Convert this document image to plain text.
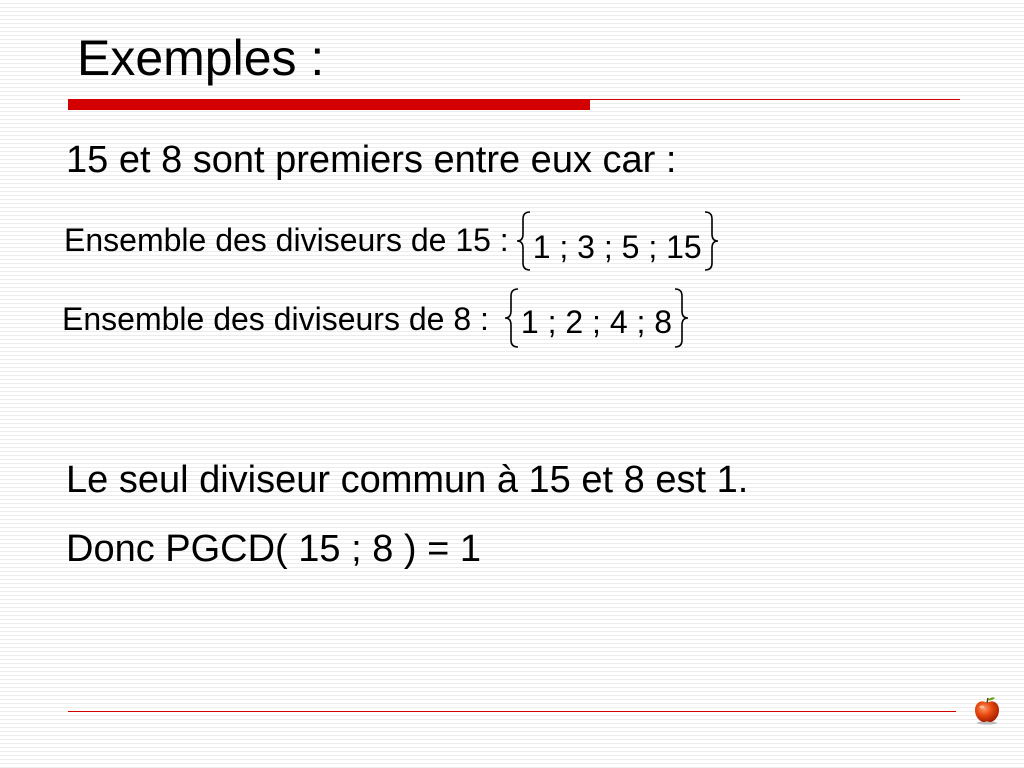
Exemples :
15 et 8 sont premiers entre eux car :
Ensemble des diviseurs de 15 : 1 ; 3 ; 5 ; 15
Ensemble des diviseurs de 8 : 1 ; 2 ; 4 ; 8
Le seul diviseur commun à 15 et 8 est 1.
Donc PGCD( 15 ; 8 ) = 1
